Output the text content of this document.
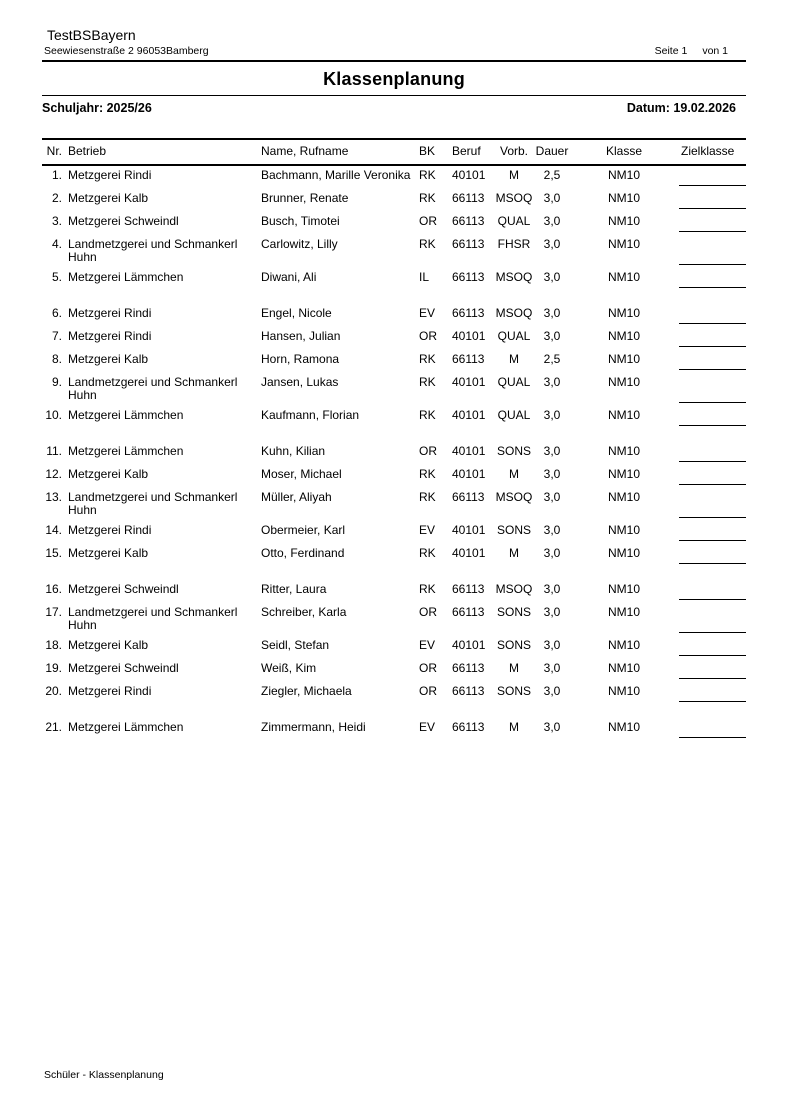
TestBSBayern
Seewiesenstraße 2 96053Bamberg	Seite 1 von 1
Klassenplanung
Schuljahr: 2025/26	Datum: 19.02.2026
Nr. Betrieb	Name, Rufname	BK	Beruf	Vorb. Dauer	Klasse	Zielklasse
1. Metzgerei Rindi	Bachmann, Marille Veronika RK	40101	M	2,5	NM10
2. Metzgerei Kalb	Brunner, Renate	RK	66113 MSOQ 3,0	NM10
3. Metzgerei Schweindl	Busch, Timotei	OR	66113	QUAL	3,0	NM10
4. Landmetzgerei und Schmankerl Huhn
Carlowitz, Lilly	RK	66113	FHSR	3,0	NM10
5. Metzgerei Lämmchen	Diwani, Ali	IL	66113 MSOQ 3,0	NM10
6. Metzgerei Rindi	Engel, Nicole	EV	66113 MSOQ 3,0	NM10
7. Metzgerei Rindi	Hansen, Julian	OR	40101	QUAL	3,0	NM10
8. Metzgerei Kalb	Horn, Ramona	RK	66113	M	2,5	NM10
9. Landmetzgerei und Schmankerl Huhn
Jansen, Lukas	RK	40101	QUAL	3,0	NM10
10. Metzgerei Lämmchen	Kaufmann, Florian	RK	40101	QUAL	3,0	NM10
11. Metzgerei Lämmchen	Kuhn, Kilian	OR	40101 SONS	3,0	NM10
12. Metzgerei Kalb	Moser, Michael	RK	40101	M	3,0	NM10
13. Landmetzgerei und Schmankerl Huhn
Müller, Aliyah	RK	66113 MSOQ 3,0	NM10
14. Metzgerei Rindi	Obermeier, Karl	EV	40101 SONS	3,0	NM10
15. Metzgerei Kalb	Otto, Ferdinand	RK	40101	M	3,0	NM10
16. Metzgerei Schweindl	Ritter, Laura	RK	66113 MSOQ 3,0	NM10
17. Landmetzgerei und Schmankerl Huhn
Schreiber, Karla	OR	66113	SONS	3,0	NM10
18. Metzgerei Kalb	Seidl, Stefan	EV	40101 SONS	3,0	NM10
19. Metzgerei Schweindl	Weiß, Kim	OR	66113	M	3,0	NM10
20. Metzgerei Rindi	Ziegler, Michaela	OR	66113	SONS	3,0	NM10
21. Metzgerei Lämmchen	Zimmermann, Heidi	EV	66113	M	3,0	NM10
Schüler - Klassenplanung
